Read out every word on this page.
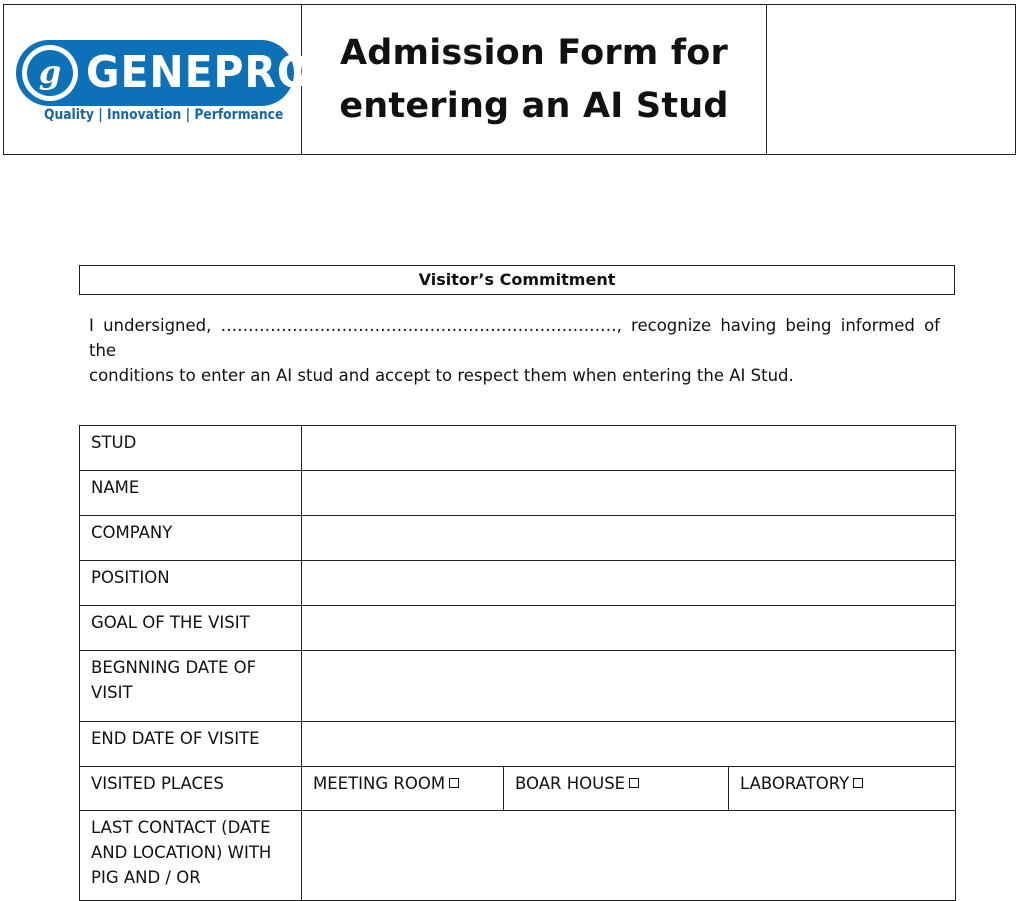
g GENEPRO
Quality | Innovation | Performance
Admission Form for
entering an AI Stud
Visitor’s Commitment
I undersigned, ………………………………………………………………, recognize having being informed of the
conditions to enter an AI stud and accept to respect them when entering the AI Stud.
STUD			
NAME			
COMPANY			
POSITION			
GOAL OF THE VISIT			
BEGNNING DATE OF VISIT			
END DATE OF VISITE			
VISITED PLACES	MEETING ROOM	BOAR HOUSE	LABORATORY
LAST CONTACT (DATE AND LOCATION) WITH PIG AND / OR			
